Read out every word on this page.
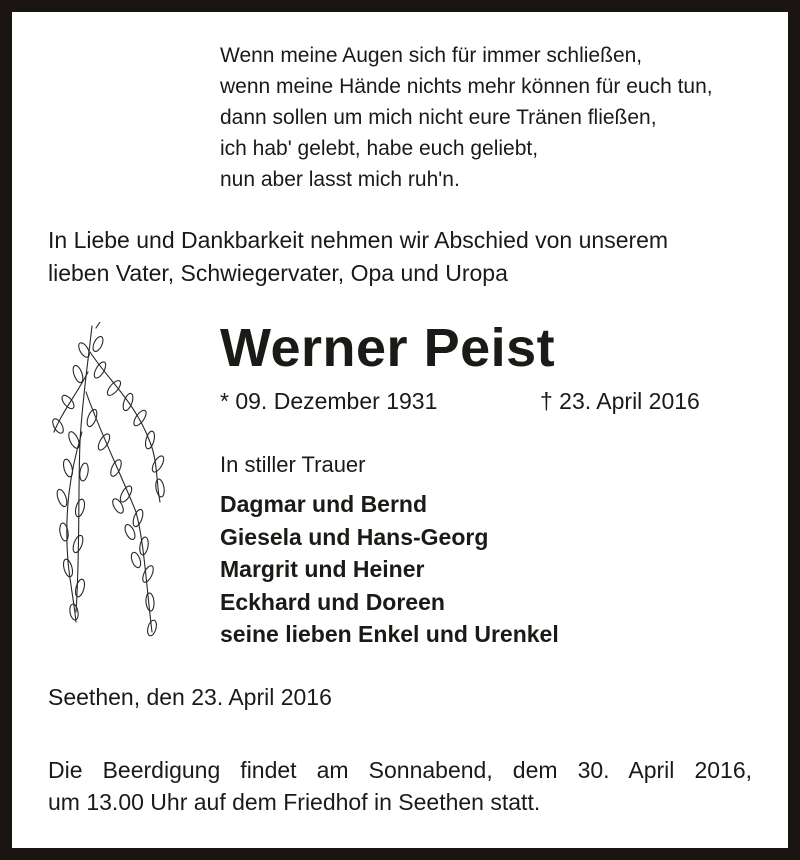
Wenn meine Augen sich für immer schließen,
wenn meine Hände nichts mehr können für euch tun,
dann sollen um mich nicht eure Tränen fließen,
ich hab' gelebt, habe euch geliebt,
nun aber lasst mich ruh'n.
In Liebe und Dankbarkeit nehmen wir Abschied von unserem
lieben Vater, Schwiegervater, Opa und Uropa
Werner Peist
* 09. Dezember 1931	† 23. April 2016
In stiller Trauer
Dagmar und Bernd
Giesela und Hans-Georg
Margrit und Heiner
Eckhard und Doreen
seine lieben Enkel und Urenkel
Seethen, den 23. April 2016
Die Beerdigung findet am Sonnabend, dem 30. April 2016,
um 13.00 Uhr auf dem Friedhof in Seethen statt.
